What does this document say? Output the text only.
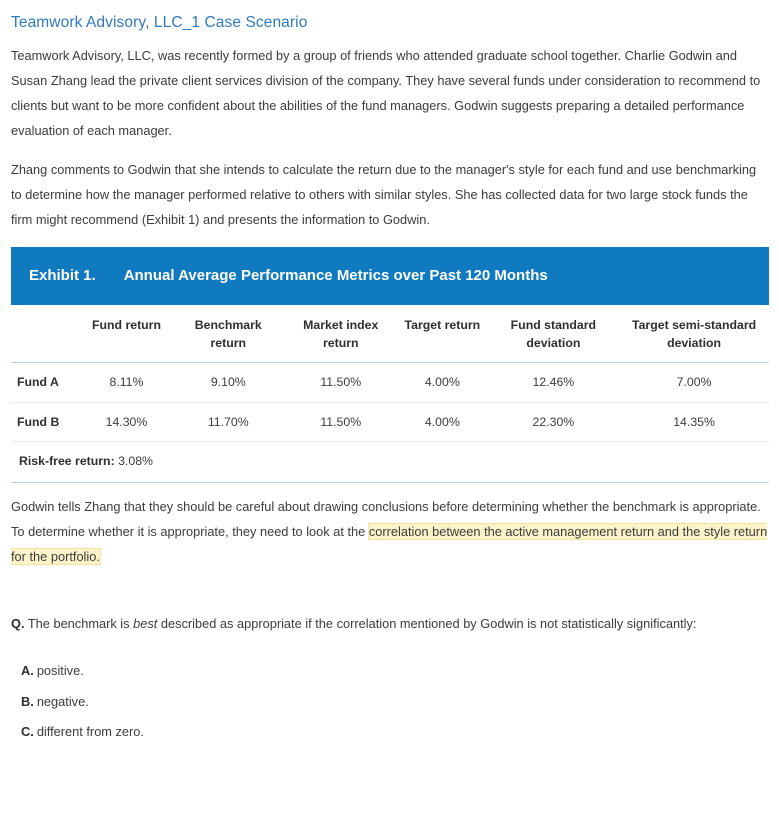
Teamwork Advisory, LLC_1 Case Scenario

Teamwork Advisory, LLC, was recently formed by a group of friends who attended graduate school together. Charlie Godwin and Susan Zhang lead the private client services division of the company. They have several funds under consideration to recommend to clients but want to be more confident about the abilities of the fund managers. Godwin suggests preparing a detailed performance evaluation of each manager.

Zhang comments to Godwin that she intends to calculate the return due to the manager's style for each fund and use benchmarking to determine how the manager performed relative to others with similar styles. She has collected data for two large stock funds the firm might recommend (Exhibit 1) and presents the information to Godwin.

Exhibit 1. Annual Average Performance Metrics over Past 120 Months
	Fund return	Benchmark return	Market index return	Target return	Fund standard deviation	Target semi-standard deviation
Fund A	8.11%	9.10%	11.50%	4.00%	12.46%	7.00%
Fund B	14.30%	11.70%	11.50%	4.00%	22.30%	14.35%
Risk-free return: 3.08%

Godwin tells Zhang that they should be careful about drawing conclusions before determining whether the benchmark is appropriate. To determine whether it is appropriate, they need to look at the correlation between the active management return and the style return for the portfolio.

Q. The benchmark is best described as appropriate if the correlation mentioned by Godwin is not statistically significantly:

A. positive.
B. negative.
C. different from zero.
